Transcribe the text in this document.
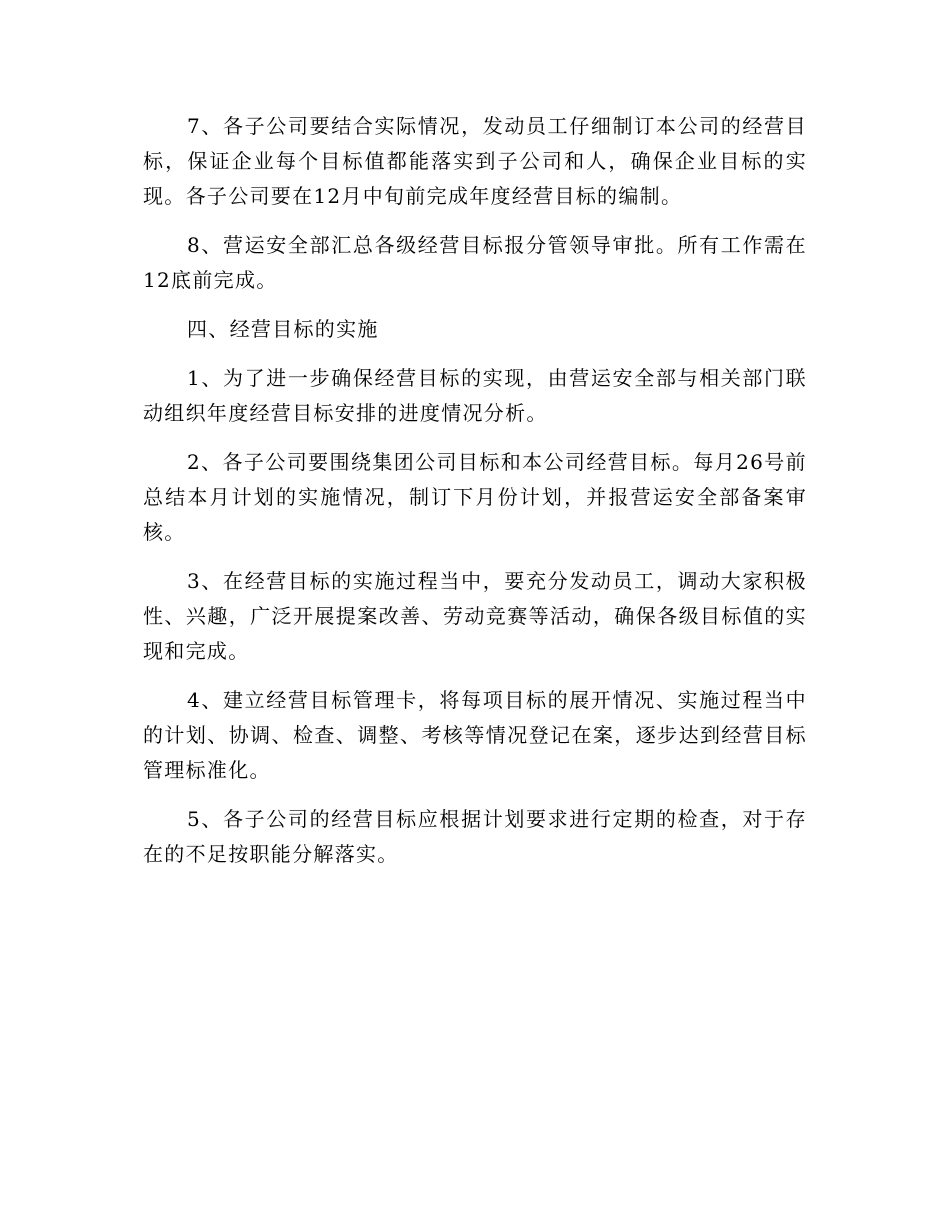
7、各子公司要结合实际情况，发动员工仔细制订本公司的经营目标，保证企业每个目标值都能落实到子公司和人，确保企业目标的实现。各子公司要在12月中旬前完成年度经营目标的编制。

8、营运安全部汇总各级经营目标报分管领导审批。所有工作需在12底前完成。

四、经营目标的实施

1、为了进一步确保经营目标的实现，由营运安全部与相关部门联动组织年度经营目标安排的进度情况分析。

2、各子公司要围绕集团公司目标和本公司经营目标。每月26号前总结本月计划的实施情况，制订下月份计划，并报营运安全部备案审核。

3、在经营目标的实施过程当中，要充分发动员工，调动大家积极性、兴趣，广泛开展提案改善、劳动竞赛等活动，确保各级目标值的实现和完成。

4、建立经营目标管理卡，将每项目标的展开情况、实施过程当中的计划、协调、检查、调整、考核等情况登记在案，逐步达到经营目标管理标准化。

5、各子公司的经营目标应根据计划要求进行定期的检查，对于存在的不足按职能分解落实。
